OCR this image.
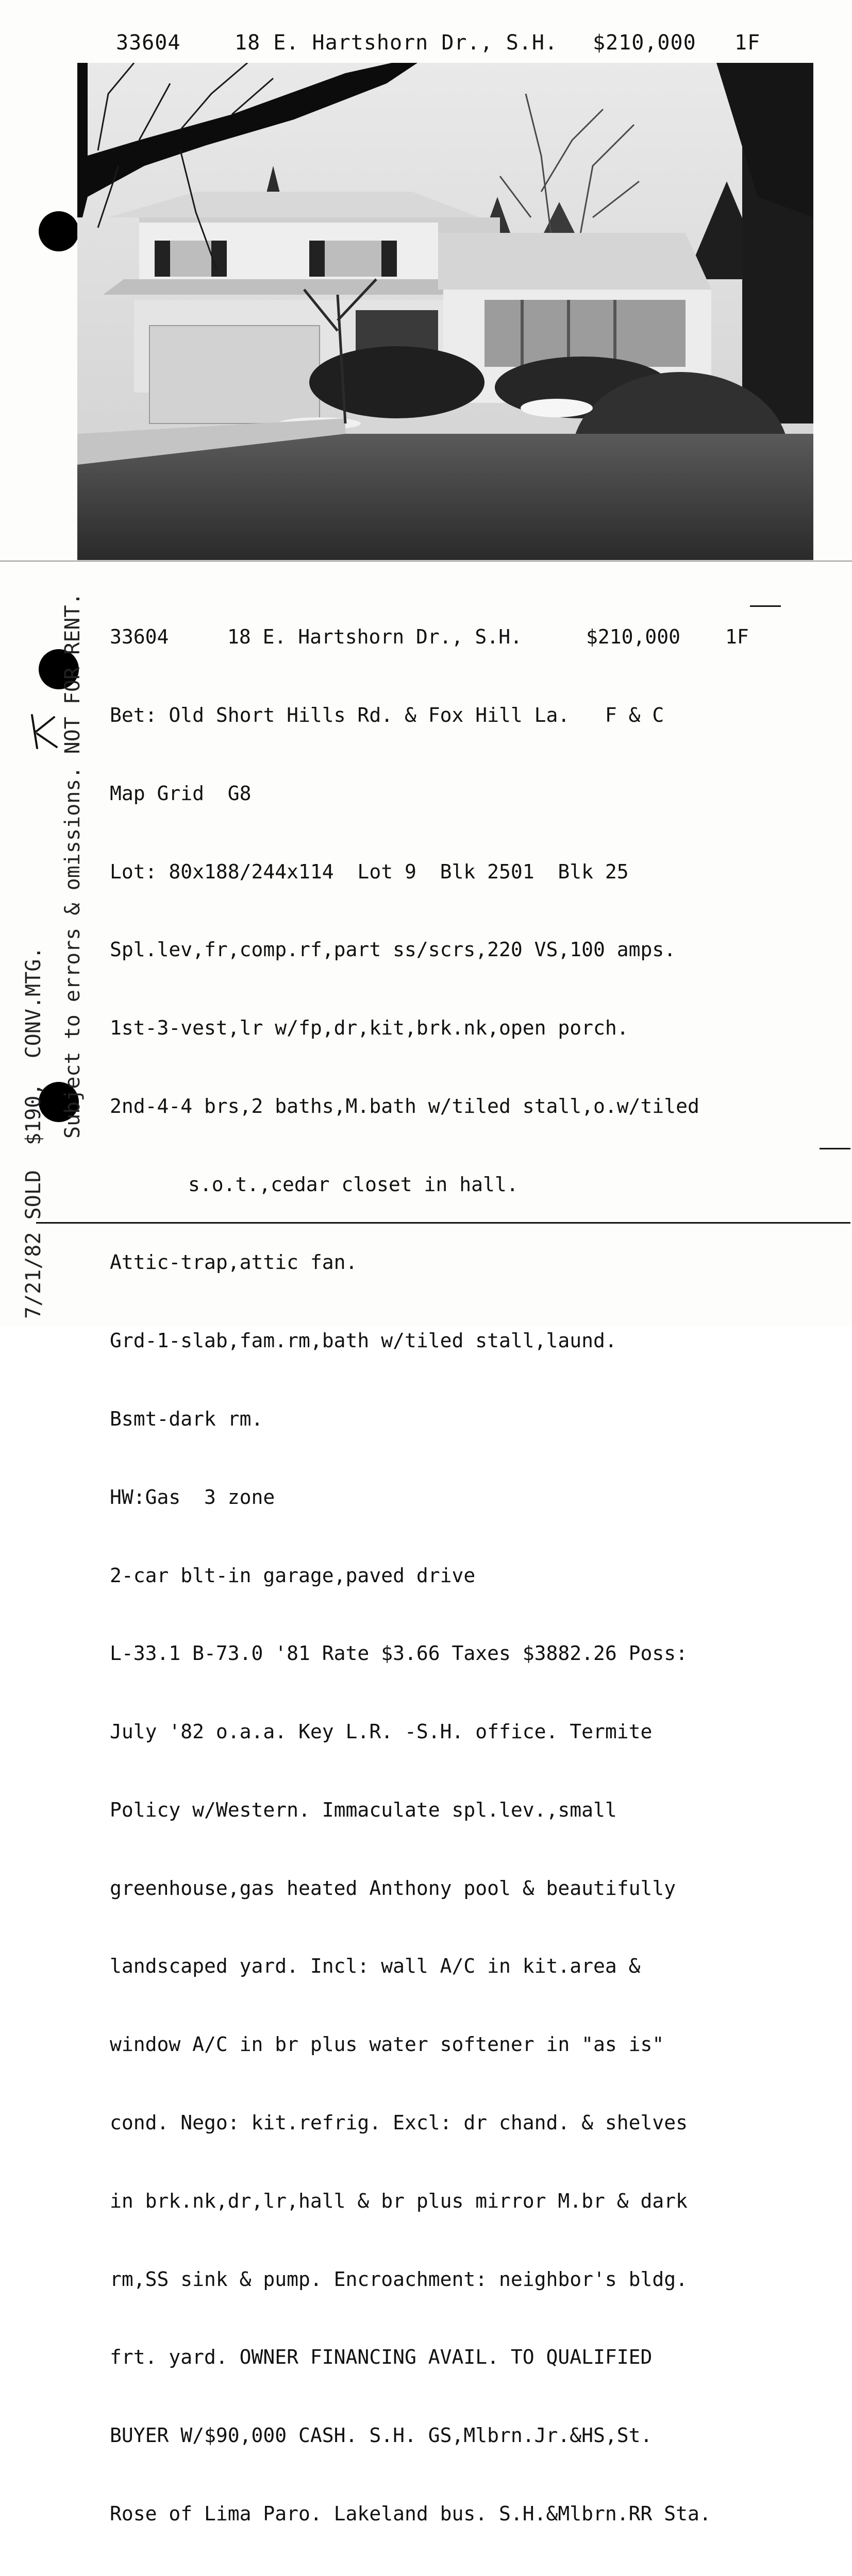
33604

	18 E. Hartshorn Dr., S.H.

$210,000

1F

33604	18 E. Hartshorn Dr., S.H.	$210,000 1F

Bet: Old Short Hills Rd. & Fox Hill La.   F & C

Map Grid  G8

Lot: 80x188/244x114  Lot 9  Blk 2501  Blk 25

Spl.lev,fr,comp.rf,part ss/scrs,220 VS,100 amps.

1st-3-vest,lr w/fp,dr,kit,brk.nk,open porch.

2nd-4-4 brs,2 baths,M.bath w/tiled stall,o.w/tiled

s.o.t.,cedar closet in hall.

Attic-trap,attic fan.

Grd-1-slab,fam.rm,bath w/tiled stall,laund.

Bsmt-dark rm.

HW:Gas  3 zone

2-car blt-in garage,paved drive

L-33.1 B-73.0 '81 Rate $3.66 Taxes $3882.26 Poss:

July '82 o.a.a. Key L.R. -S.H. office. Termite

Policy w/Western. Immaculate spl.lev.,small

greenhouse,gas heated Anthony pool & beautifully

landscaped yard. Incl: wall A/C in kit.area &

window A/C in br plus water softener in "as is"

cond. Nego: kit.refrig. Excl: dr chand. & shelves

in brk.nk,dr,lr,hall & br plus mirror M.br & dark

rm,SS sink & pump. Encroachment: neighbor's bldg.

frt. yard. OWNER FINANCING AVAIL. TO QUALIFIED

BUYER W/$90,000 CASH. S.H. GS,Mlbrn.Jr.&HS,St.

Rose of Lima Paro. Lakeland bus. S.H.&Mlbrn.RR Sta.

Subject to errors & omissions. NOT FOR RENT.
7/21/82 SOLD  $190,  CONV.MTG.
